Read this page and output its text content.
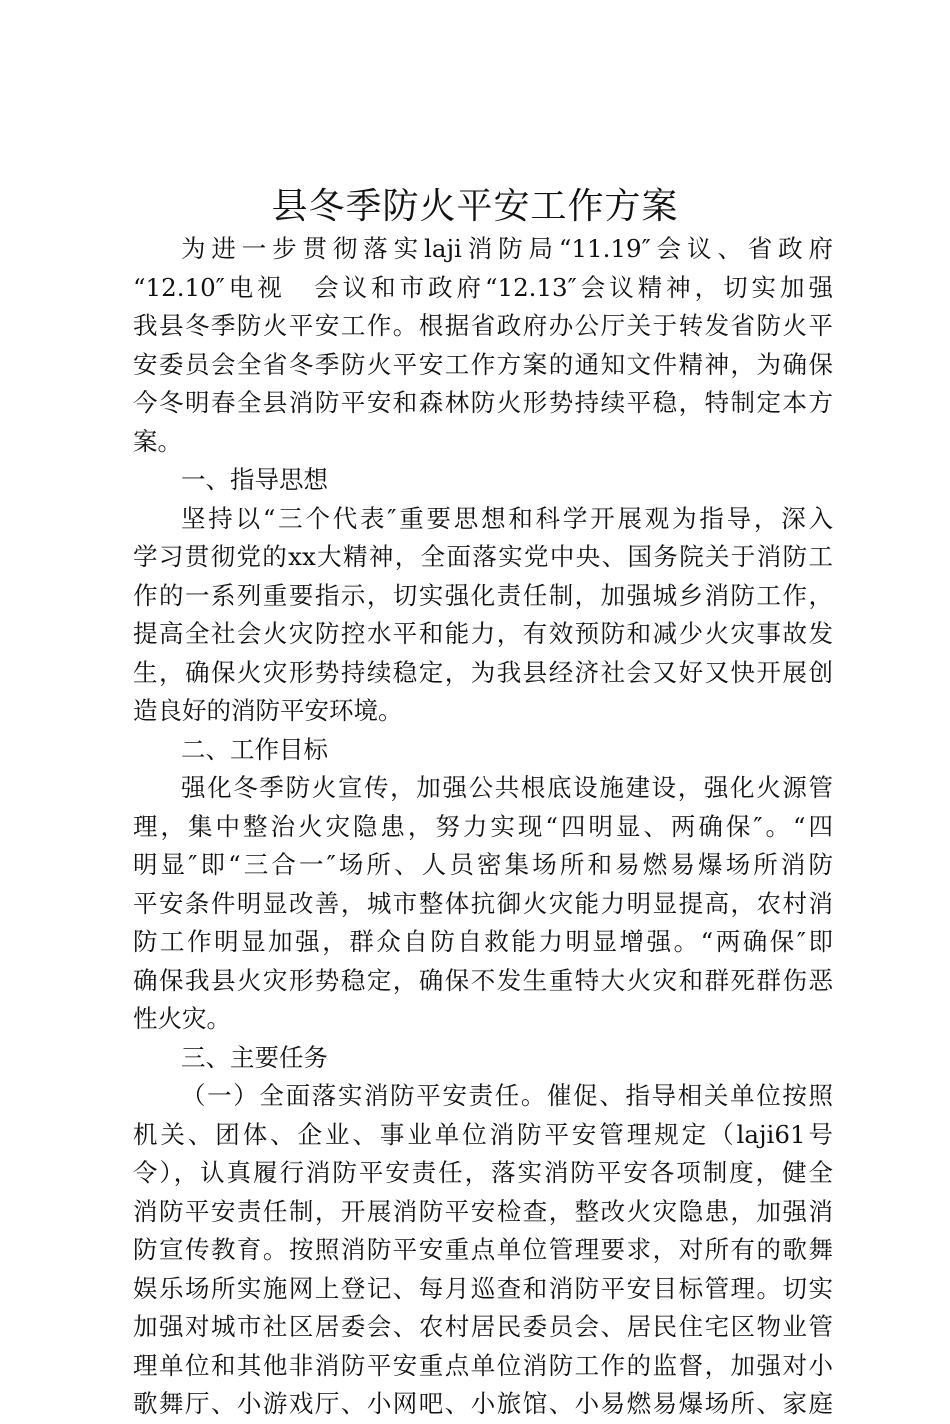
县冬季防火平安工作方案
为进一步贯彻落实laji消防局“11.19″会议、省政府
“12.10″电视　会议和市政府“12.13″会议精神，切实加强
我县冬季防火平安工作。根据省政府办公厅关于转发省防火平
安委员会全省冬季防火平安工作方案的通知文件精神，为确保
今冬明春全县消防平安和森林防火形势持续平稳，特制定本方
案。
一、指导思想
坚持以“三个代表″重要思想和科学开展观为指导，深入
学习贯彻党的xx大精神，全面落实党中央、国务院关于消防工
作的一系列重要指示，切实强化责任制，加强城乡消防工作，
提高全社会火灾防控水平和能力，有效预防和减少火灾事故发
生，确保火灾形势持续稳定，为我县经济社会又好又快开展创
造良好的消防平安环境。
二、工作目标
强化冬季防火宣传，加强公共根底设施建设，强化火源管
理，集中整治火灾隐患，努力实现“四明显、两确保″。“四
明显″即“三合一″场所、人员密集场所和易燃易爆场所消防
平安条件明显改善，城市整体抗御火灾能力明显提高，农村消
防工作明显加强，群众自防自救能力明显增强。“两确保″即
确保我县火灾形势稳定，确保不发生重特大火灾和群死群伤恶
性火灾。
三、主要任务
（一）全面落实消防平安责任。催促、指导相关单位按照
机关、团体、企业、事业单位消防平安管理规定（laji61号
令），认真履行消防平安责任，落实消防平安各项制度，健全
消防平安责任制，开展消防平安检查，整改火灾隐患，加强消
防宣传教育。按照消防平安重点单位管理要求，对所有的歌舞
娱乐场所实施网上登记、每月巡查和消防平安目标管理。切实
加强对城市社区居委会、农村居民委员会、居民住宅区物业管
理单位和其他非消防平安重点单位消防工作的监督，加强对小
歌舞厅、小游戏厅、小网吧、小旅馆、小易燃易爆场所、家庭
